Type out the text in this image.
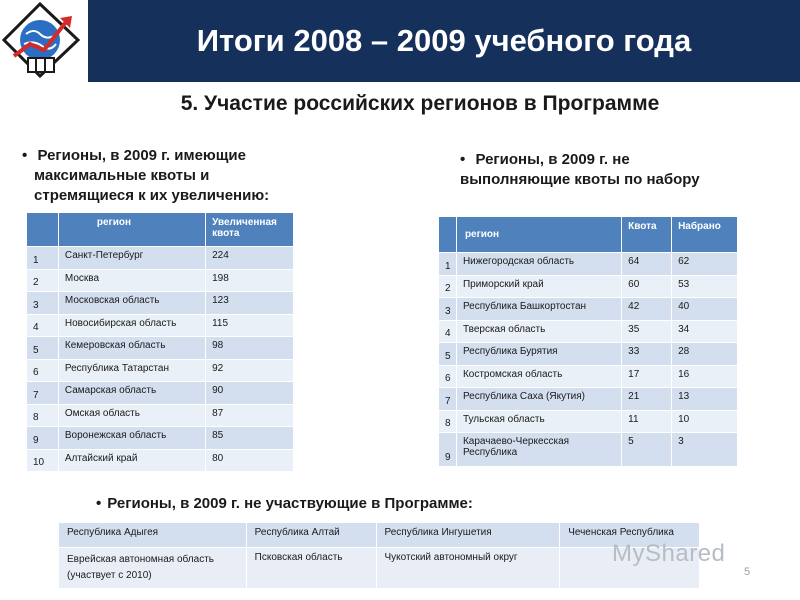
Итоги 2008 – 2009 учебного года
5. Участие российских регионов в Программе
• Регионы, в 2009 г. имеющие
максимальные квоты и
стремящиеся к их увеличению:
• Регионы, в 2009 г. не
выполняющие квоты по набору
	регион	Увеличенная квота
1	Санкт-Петербург	224
2	Москва	198
3	Московская область	123
4	Новосибирская область	115
5	Кемеровская область	98
6	Республика Татарстан	92
7	Самарская область	90
8	Омская область	87
9	Воронежская область	85
10	Алтайский край	80
	регион	Квота	Набрано
1	Нижегородская область	64	62
2	Приморский край	60	53
3	Республика Башкортостан	42	40
4	Тверская область	35	34
5	Республика Бурятия	33	28
6	Костромская область	17	16
7	Республика Саха (Якутия)	21	13
8	Тульская область	11	10
9	Карачаево-Черкесская Республика	5	3
• Регионы, в 2009 г. не участвующие в Программе:
Республика Адыгея	Республика Алтай	Республика Ингушетия	Чеченская Республика
Еврейская автономная область (участвует с 2010)	Псковская область	Чукотский автономный округ		MyShared
5
